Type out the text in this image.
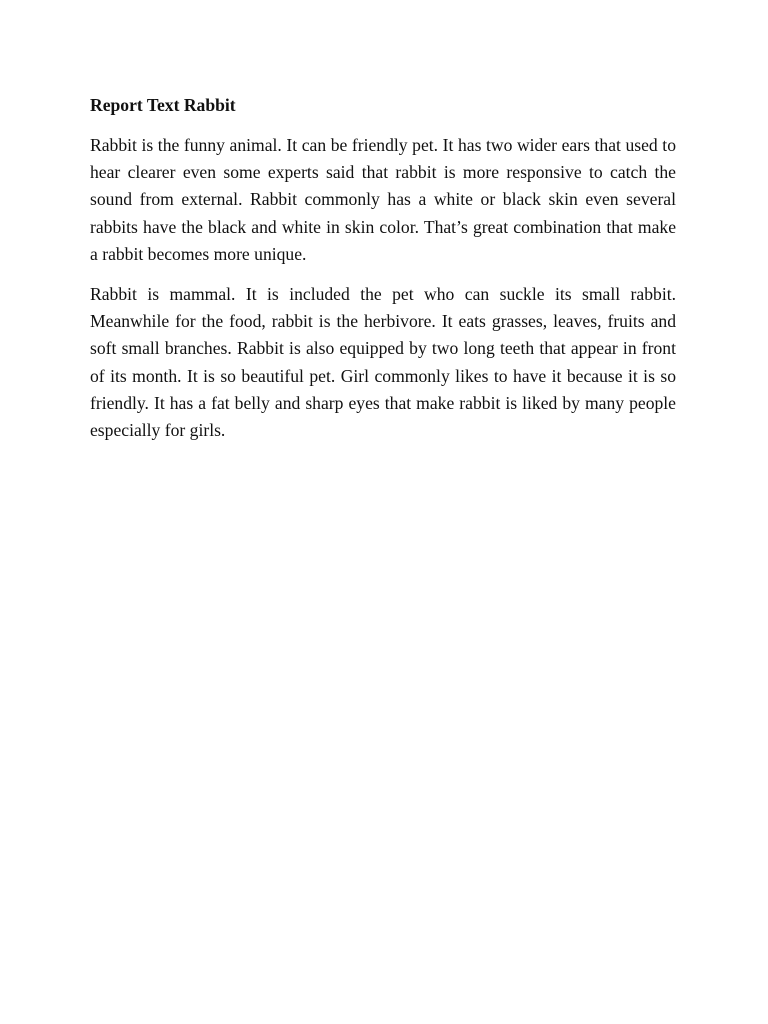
Report Text Rabbit

Rabbit is the funny animal. It can be friendly pet. It has two wider ears that used to hear clearer even some experts said that rabbit is more responsive to catch the sound from external. Rabbit commonly has a white or black skin even several rabbits have the black and white in skin color. That’s great combination that make a rabbit becomes more unique.

Rabbit is mammal. It is included the pet who can suckle its small rabbit. Meanwhile for the food, rabbit is the herbivore. It eats grasses, leaves, fruits and soft small branches. Rabbit is also equipped by two long teeth that appear in front of its month. It is so beautiful pet. Girl commonly likes to have it because it is so friendly. It has a fat belly and sharp eyes that make rabbit is liked by many people especially for girls.
